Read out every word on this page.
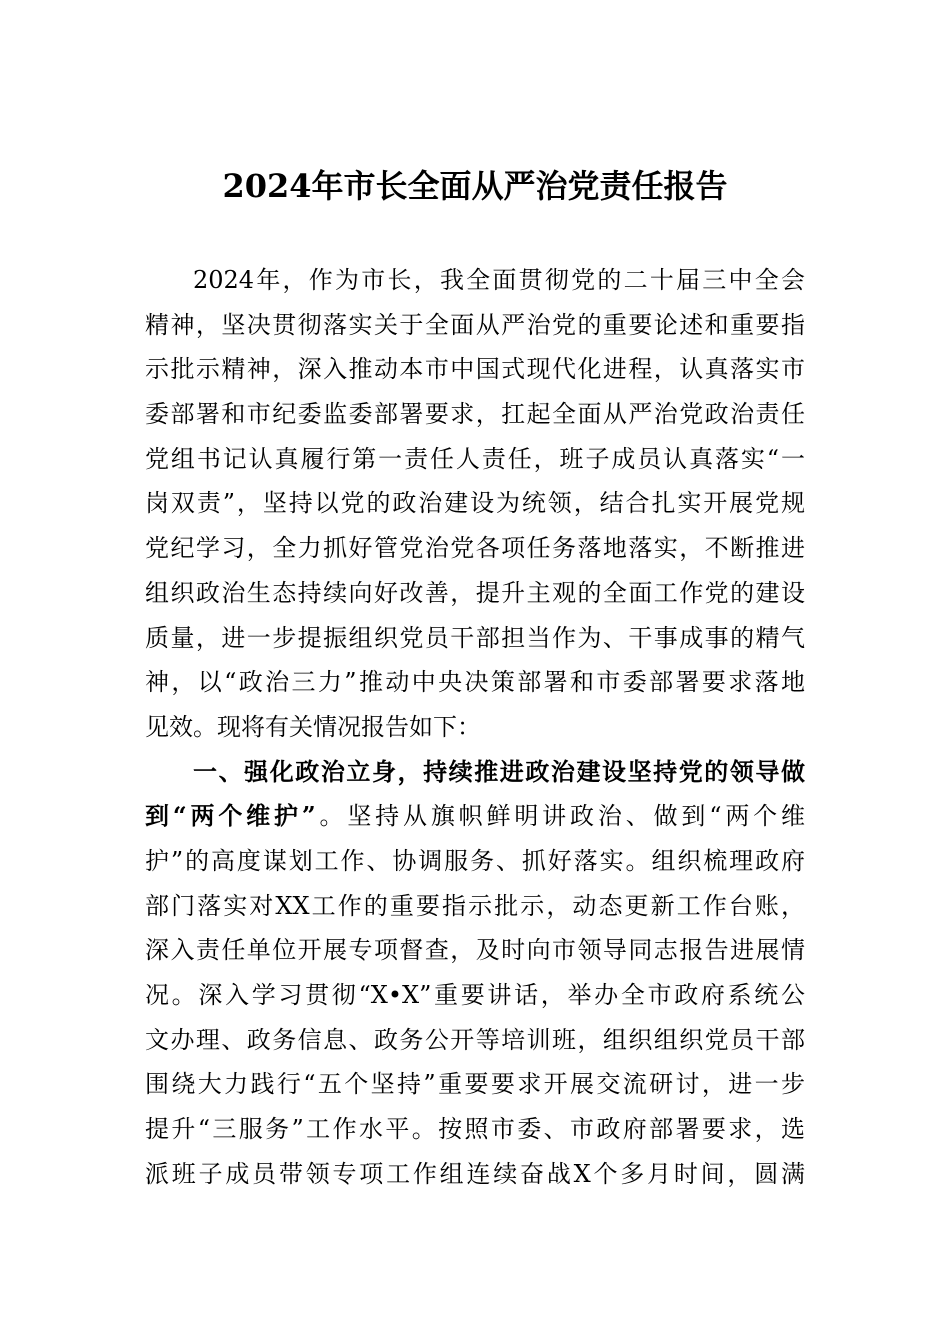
2024年市长全面从严治党责任报告
2024年，作为市长，我全面贯彻党的二十届三中全会
精神，坚决贯彻落实关于全面从严治党的重要论述和重要指
示批示精神，深入推动本市中国式现代化进程，认真落实市
委部署和市纪委监委部署要求，扛起全面从严治党政治责任
党组书记认真履行第一责任人责任，班子成员认真落实“一
岗双责”，坚持以党的政治建设为统领，结合扎实开展党规
党纪学习，全力抓好管党治党各项任务落地落实，不断推进
组织政治生态持续向好改善，提升主观的全面工作党的建设
质量，进一步提振组织党员干部担当作为、干事成事的精气
神，以“政治三力”推动中央决策部署和市委部署要求落地
见效。现将有关情况报告如下：
一、强化政治立身，持续推进政治建设坚持党的领导做
到“两个维护”。坚持从旗帜鲜明讲政治、做到“两个维
护”的高度谋划工作、协调服务、抓好落实。组织梳理政府
部门落实对XX工作的重要指示批示，动态更新工作台账，
深入责任单位开展专项督查，及时向市领导同志报告进展情
况。深入学习贯彻“X•X”重要讲话，举办全市政府系统公
文办理、政务信息、政务公开等培训班，组织组织党员干部
围绕大力践行“五个坚持”重要要求开展交流研讨，进一步
提升“三服务”工作水平。按照市委、市政府部署要求，选
派班子成员带领专项工作组连续奋战X个多月时间，圆满
